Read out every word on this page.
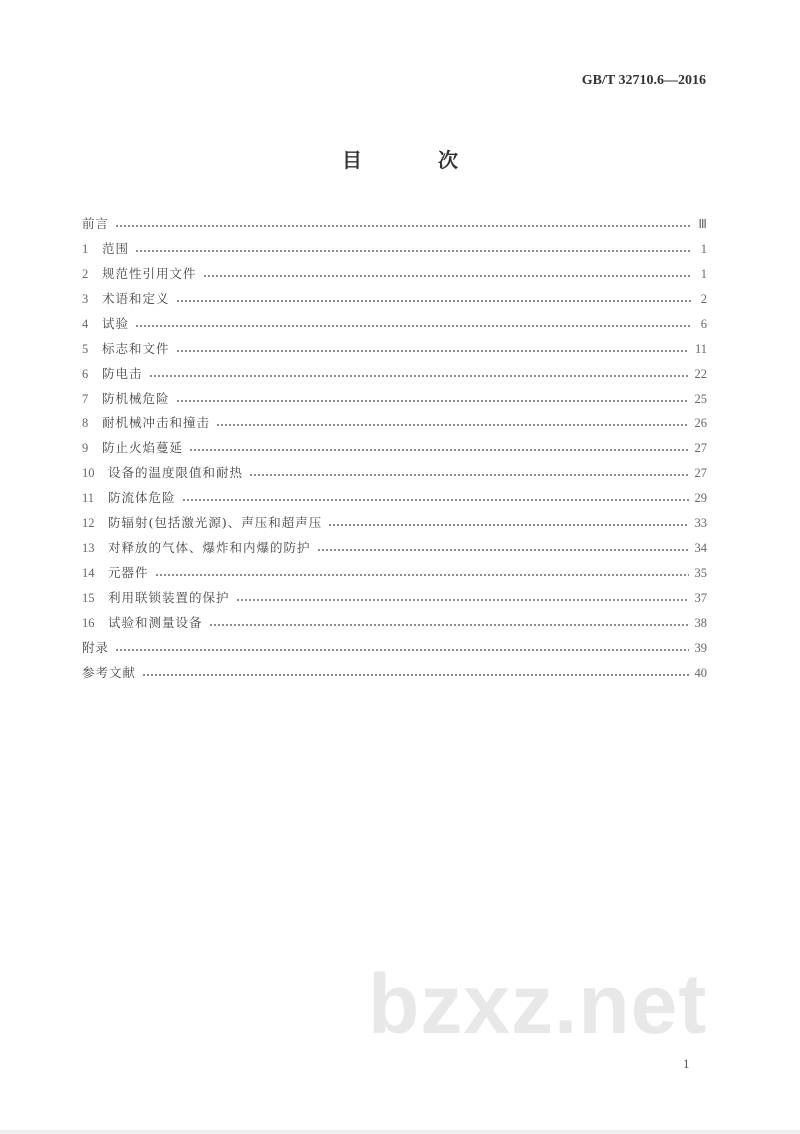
GB/T 32710.6—2016
目　次
前言	Ⅲ
1	范围	1
2	规范性引用文件	1
3	术语和定义	2
4	试验	6
5	标志和文件	11
6	防电击	22
7	防机械危险	25
8	耐机械冲击和撞击	26
9	防止火焰蔓延	27
10	设备的温度限值和耐热	27
11	防流体危险	29
12	防辐射(包括激光源)、声压和超声压	33
13	对释放的气体、爆炸和内爆的防护	34
14	元器件	35
15	利用联锁装置的保护	37
16	试验和测量设备	38
附录	39
参考文献	40
bzxz.net
1
